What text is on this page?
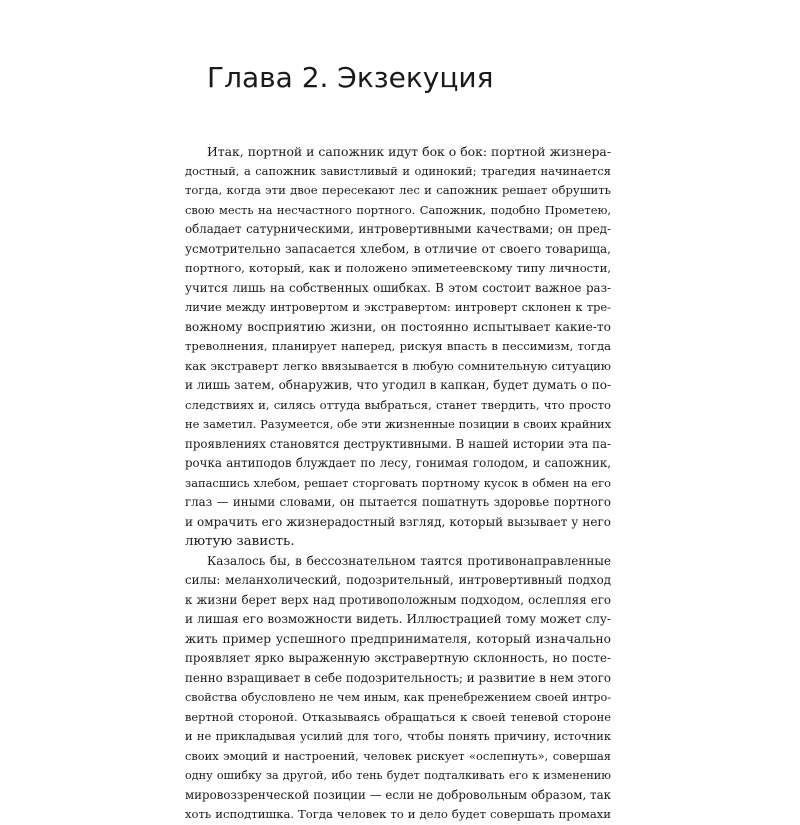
Глава 2. Экзекуция
Итак, портной и сапожник идут бок о бок: портной жизнера-
достный, а сапожник завистливый и одинокий; трагедия начинается
тогда, когда эти двое пересекают лес и сапожник решает обрушить
свою месть на несчастного портного. Сапожник, подобно Прометею,
обладает сатурническими, интровертивными качествами; он пред-
усмотрительно запасается хлебом, в отличие от своего товарища,
портного, который, как и положено эпиметеевскому типу личности,
учится лишь на собственных ошибках. В этом состоит важное раз-
личие между интровертом и экстравертом: интроверт склонен к тре-
вожному восприятию жизни, он постоянно испытывает какие-то
треволнения, планирует наперед, рискуя впасть в пессимизм, тогда
как экстраверт легко ввязывается в любую сомнительную ситуацию
и лишь затем, обнаружив, что угодил в капкан, будет думать о по-
следствиях и, силясь оттуда выбраться, станет твердить, что просто
не заметил. Разумеется, обе эти жизненные позиции в своих крайних
проявлениях становятся деструктивными. В нашей истории эта па-
рочка антиподов блуждает по лесу, гонимая голодом, и сапожник,
запасшись хлебом, решает сторговать портному кусок в обмен на его
глаз — иными словами, он пытается пошатнуть здоровье портного
и омрачить его жизнерадостный взгляд, который вызывает у него
лютую зависть.
Казалось бы, в бессознательном таятся противонаправленные
силы: меланхолический, подозрительный, интровертивный подход
к жизни берет верх над противоположным подходом, ослепляя его
и лишая его возможности видеть. Иллюстрацией тому может слу-
жить пример успешного предпринимателя, который изначально
проявляет ярко выраженную экстравертную склонность, но посте-
пенно взращивает в себе подозрительность; и развитие в нем этого
свойства обусловлено не чем иным, как пренебрежением своей интро-
вертной стороной. Отказываясь обращаться к своей теневой стороне
и не прикладывая усилий для того, чтобы понять причину, источник
своих эмоций и настроений, человек рискует «ослепнуть», совершая
одну ошибку за другой, ибо тень будет подталкивать его к изменению
мировоззренческой позиции — если не добровольным образом, так
хоть исподтишка. Тогда человек то и дело будет совершать промахи
